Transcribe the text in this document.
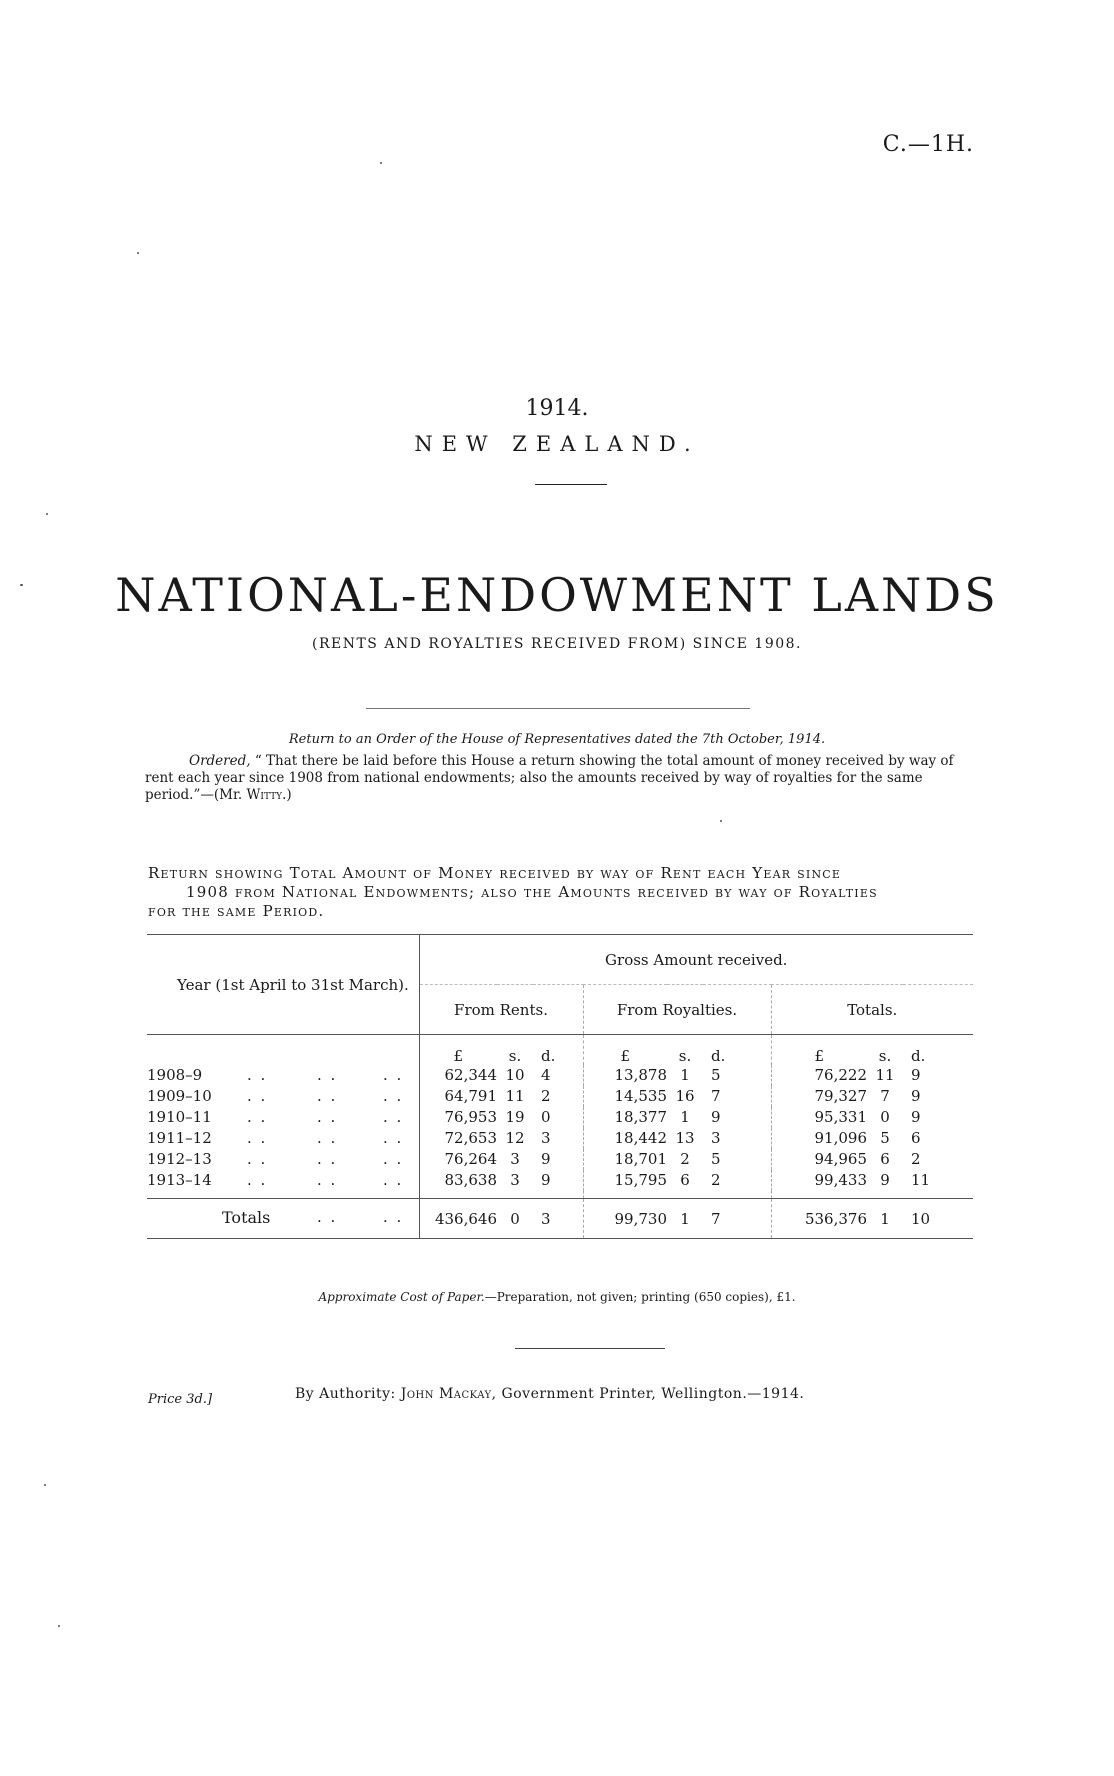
C.—1H.
1914.
NEW ZEALAND.
NATIONAL-ENDOWMENT LANDS
(RENTS AND ROYALTIES RECEIVED FROM) SINCE 1908.
Return to an Order of the House of Representatives dated the 7th October, 1914.
Ordered, “ That there be laid before this House a return showing the total amount of money received by way of rent each year since 1908 from national endowments; also the amounts received by way of royalties for the same period.”—(Mr. Witty.)
Return showing Total Amount of Money received by way of Rent each Year since
1908 from National Endowments; also the Amounts received by way of Royalties
for the same Period.
Year (1st April to 31st March).	Gross Amount received.								
	From Rents.			From Royalties.			Totals.		
	£	s.	d.	£	s.	d.	£	s.	d.

1908–9 . . . . . .	62,344	10	4	13,878	1	5	76,222	11	9

1909–10 . . . . . .	64,791	11	2	14,535	16	7	79,327	7	9

1910–11 . . . . . .	76,953	19	0	18,377	1	9	95,331	0	9

1911–12 . . . . . .	72,653	12	3	18,442	13	3	91,096	5	6

1912–13 . . . . . .	76,264	3	9	18,701	2	5	94,965	6	2

1913–14 . . . . . .	83,638	3	9	15,795	6	2	99,433	9	11

Totals . . . .	436,646	0	3	99,730	1	7	536,376	1	10
Approximate Cost of Paper.—Preparation, not given; printing (650 copies), £1.
Price 3d.]	By Authority: John Mackay, Government Printer, Wellington.—1914.
